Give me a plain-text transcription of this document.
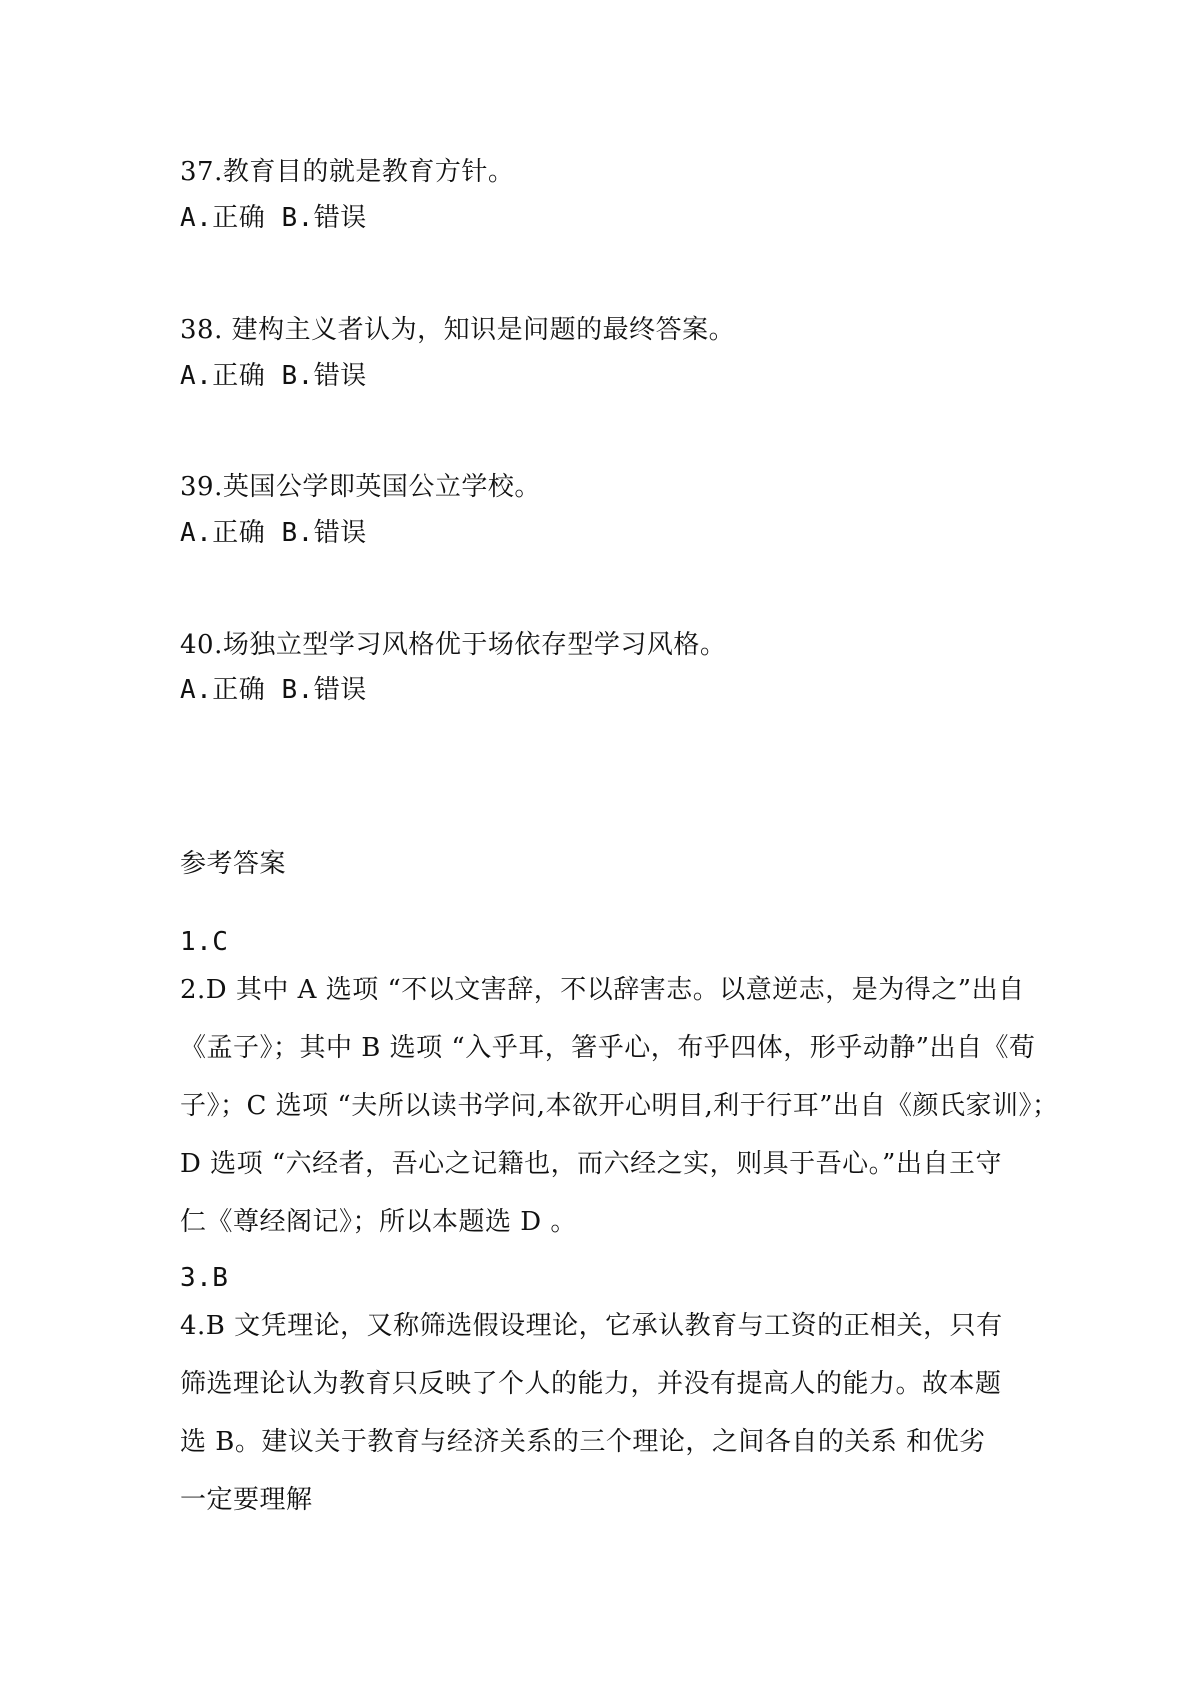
37.教育目的就是教育方针。
A.正确 B.错误
38. 建构主义者认为，知识是问题的最终答案。
A.正确 B.错误
39.英国公学即英国公立学校。
A.正确 B.错误
40.场独立型学习风格优于场依存型学习风格。
A.正确 B.错误
参考答案
1.C
2.D 其中 A 选项 “不以文害辞，不以辞害志。以意逆志，是为得之”出自
《孟子》；其中 B 选项 “入乎耳，箸乎心，布乎四体，形乎动静”出自《荀
子》；C 选项 “夫所以读书学问,本欲开心明目,利于行耳”出自《颜氏家训》；
D 选项 “六经者，吾心之记籍也，而六经之实，则具于吾心。”出自王守
仁《尊经阁记》；所以本题选 D 。
3.B
4.B 文凭理论，又称筛选假设理论，它承认教育与工资的正相关，只有
筛选理论认为教育只反映了个人的能力，并没有提高人的能力。故本题
选 B。建议关于教育与经济关系的三个理论，之间各自的关系 和优劣
一定要理解
